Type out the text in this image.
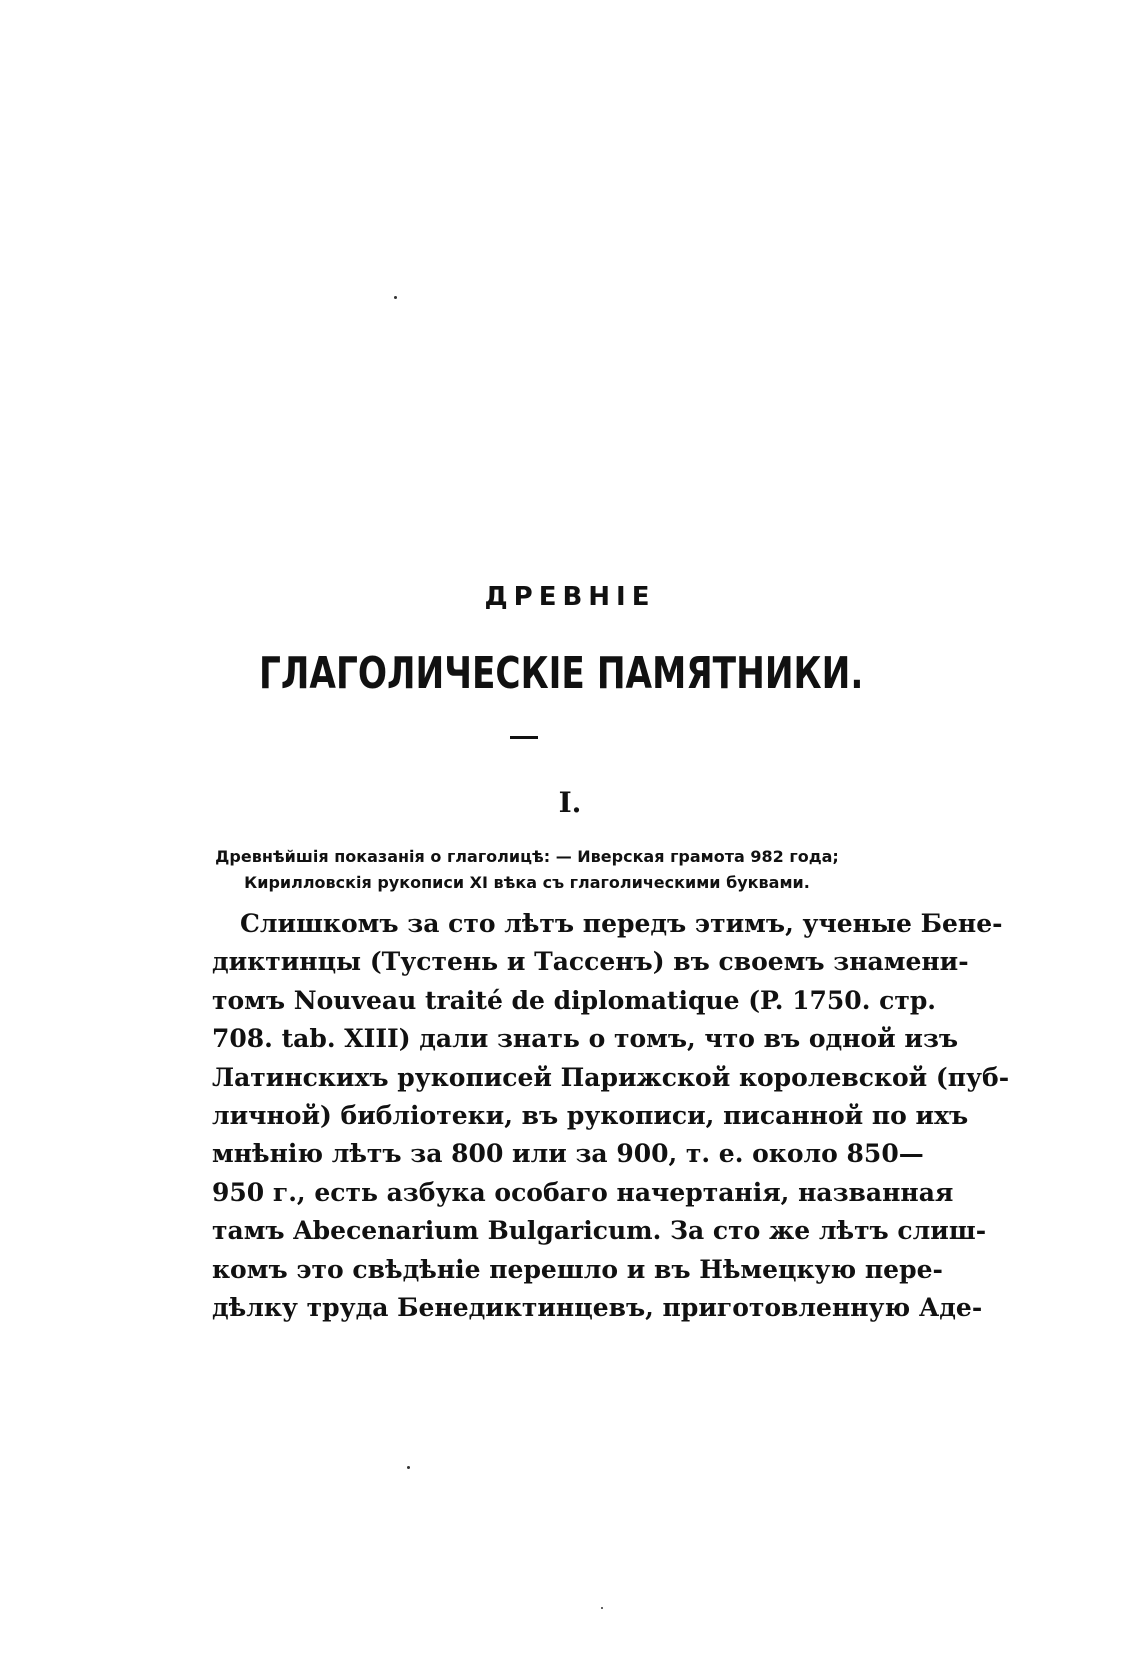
ДРЕВНІЕ
ГЛАГОЛИЧЕСКІЕ ПАМЯТНИКИ.
I.
Древнѣйшія показанія о глаголицѣ: — Иверская грамота 982 года;
Кирилловскія рукописи XI вѣка съ глаголическими буквами.
Слишкомъ за сто лѣтъ передъ этимъ, ученые Бене-
диктинцы (Тустень и Тассенъ) въ своемъ знамени-
томъ Nouveau traité de diplomatique (P. 1750. стр.
708. tab. XIII) дали знать о томъ, что въ одной изъ
Латинскихъ рукописей Парижской королевской (пуб-
личной) библіотеки, въ рукописи, писанной по ихъ
мнѣнію лѣтъ за 800 или за 900, т. е. около 850—
950 г., есть азбука особаго начертанія, названная
тамъ Abecenarium Bulgaricum. За сто же лѣтъ слиш-
комъ это свѣдѣніе перешло и въ Нѣмецкую пере-
дѣлку труда Бенедиктинцевъ, приготовленную Аде-
